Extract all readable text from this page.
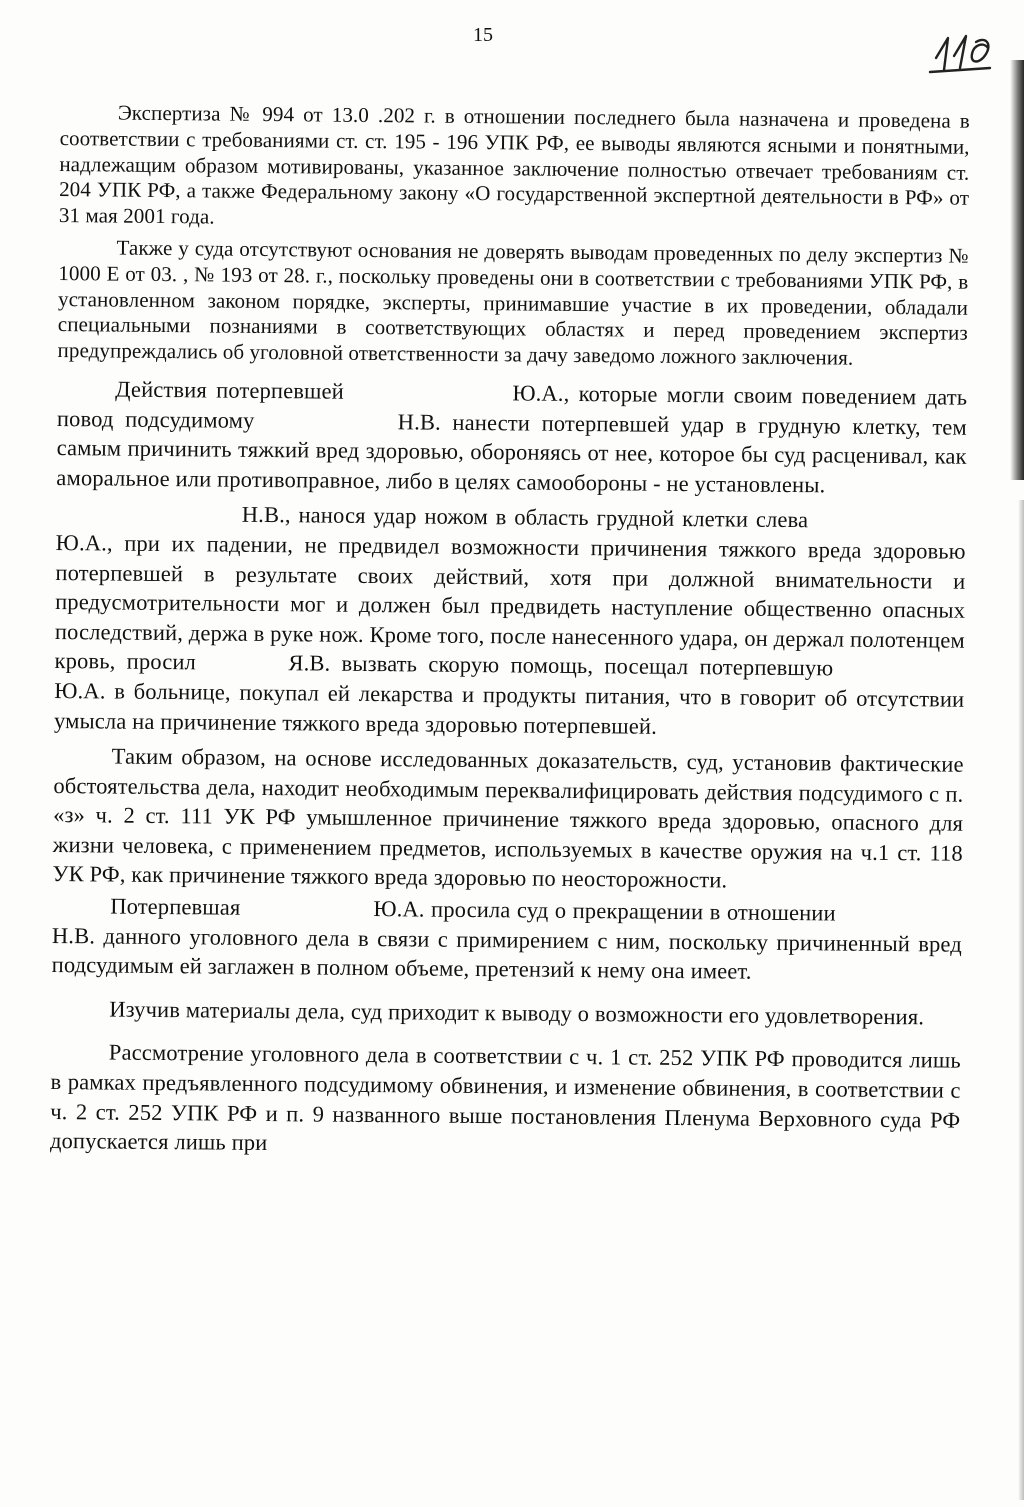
15

Экспертиза № 994 от 13.0 .202 г. в отношении последнего была назначена и проведена в соответствии с требованиями ст. ст. 195 - 196 УПК РФ, ее выводы являются ясными и понятными, надлежащим образом мотивированы, указанное заключение полностью отвечает требованиям ст. 204 УПК РФ, а также Федеральному закону «О государственной экспертной деятельности в РФ» от 31 мая 2001 года.

Также у суда отсутствуют основания не доверять выводам проведенных по делу экспертиз № 1000 Е от 03. , № 193 от 28. г., поскольку проведены они в соответствии с требованиями УПК РФ, в установленном законом порядке, эксперты, принимавшие участие в их проведении, обладали специальными познаниями в соответствующих областях и перед проведением экспертиз предупреждались об уголовной ответственности за дачу заведомо ложного заключения.

Действия потерпевшей	Ю.А., которые могли своим поведением дать повод подсудимому	Н.В. нанести потерпевшей удар в грудную клетку, тем самым причинить тяжкий вред здоровью, обороняясь от нее, которое бы суд расценивал, как аморальное или противоправное, либо в целях самообороны - не установлены.

Н.В., нанося удар ножом в область грудной клетки слева  Ю.А., при их падении, не предвидел возможности причинения тяжкого вреда здоровью потерпевшей в результате своих действий, хотя при должной внимательности и предусмотрительности мог и должен был предвидеть наступление общественно опасных последствий, держа в руке нож. Кроме того, после нанесенного удара, он держал полотенцем кровь, просил	Я.В. вызвать скорую помощь, посещал потерпевшую  Ю.А. в больнице, покупал ей лекарства и продукты питания, что в говорит об отсутствии умысла на причинение тяжкого вреда здоровью потерпевшей.

Таким образом, на основе исследованных доказательств, суд, установив фактические обстоятельства дела, находит необходимым переквалифицировать действия подсудимого с п. «з» ч. 2 ст. 111 УК РФ умышленное причинение тяжкого вреда здоровью, опасного для жизни человека, с применением предметов, используемых в качестве оружия на ч.1 ст. 118 УК РФ, как причинение тяжкого вреда здоровью по неосторожности.

Потерпевшая	Ю.А. просила суд о прекращении в отношении  Н.В. данного уголовного дела в связи с примирением с ним, поскольку причиненный вред подсудимым ей заглажен в полном объеме, претензий к нему она имеет.

Изучив материалы дела, суд приходит к выводу о возможности его удовлетворения.

Рассмотрение уголовного дела в соответствии с ч. 1 ст. 252 УПК РФ проводится лишь в рамках предъявленного подсудимому обвинения, и изменение обвинения, в соответствии с ч. 2 ст. 252 УПК РФ и п. 9 названного выше постановления Пленума Верховного суда РФ допускается лишь при
